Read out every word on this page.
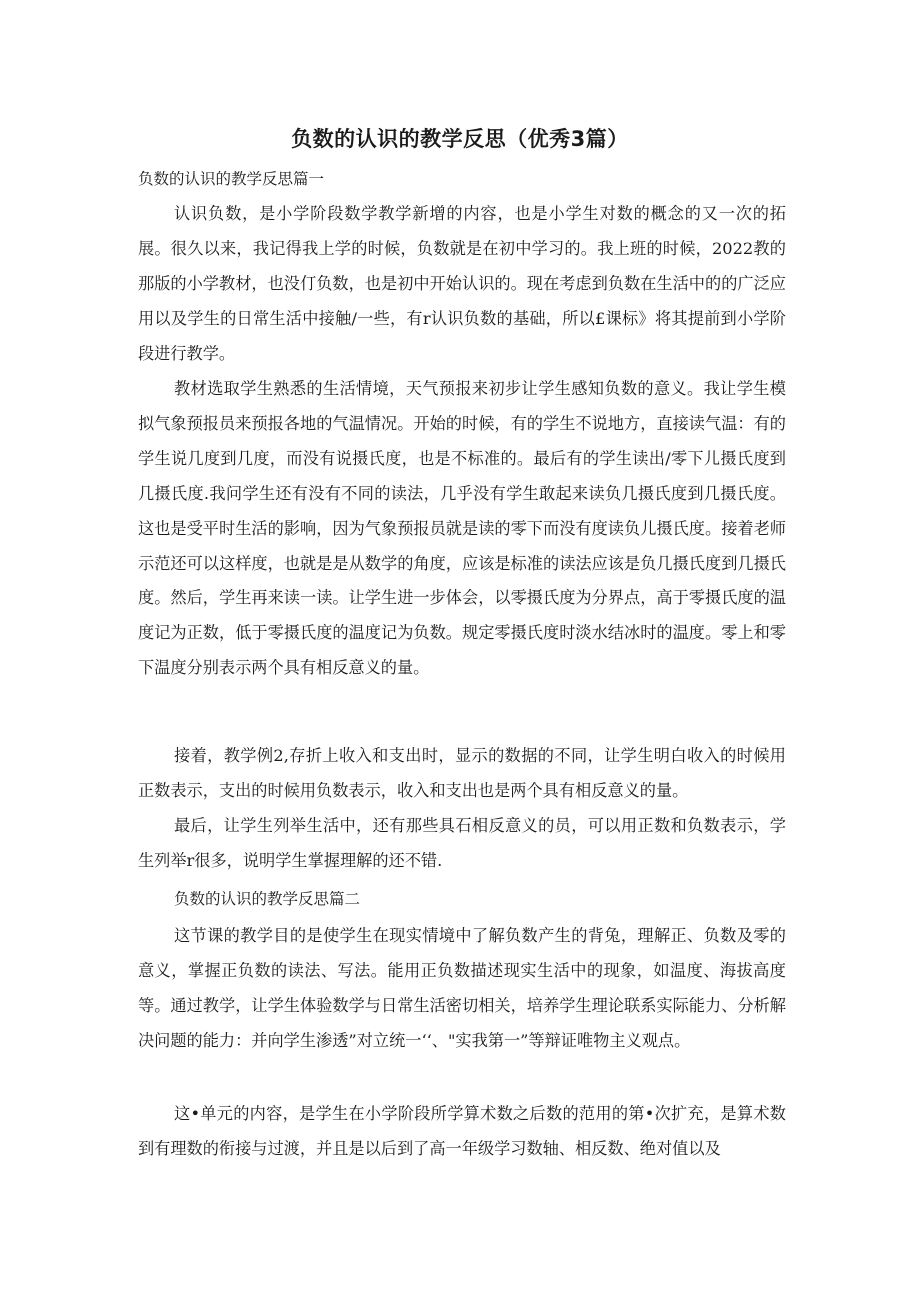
负数的认识的教学反思（优秀3篇）

负数的认识的教学反思篇一

认识负数，是小学阶段数学教学新增的内容，也是小学生对数的概念的又一次的拓展。很久以来，我记得我上学的时候，负数就是在初中学习的。我上班的时候，2022教的那版的小学教材，也没仃负数，也是初中开始认识的。现在考虑到负数在生活中的的广泛应用以及学生的日常生活中接触/一些，有r认识负数的基础，所以£课标》将其提前到小学阶段进行教学。

教材选取学生熟悉的生活情境，天气预报来初步让学生感知负数的意义。我让学生模拟气象预报员来预报各地的气温情况。开始的时候，有的学生不说地方，直接读气温：有的学生说几度到几度，而没有说摄氏度，也是不标准的。最后有的学生读出/零下儿摄氏度到几摄氏度.我问学生还有没有不同的读法，几乎没有学生敢起来读负几摄氏度到几摄氏度。这也是受平时生活的影响，因为气象预报员就是读的零下而没有度读负儿摄氏度。接着老师示范还可以这样度，也就是是从数学的角度，应该是标准的读法应该是负几摄氏度到几摄氏度。然后，学生再来读一读。让学生进一步体会，以零摄氏度为分界点，高于零摄氏度的温度记为正数，低于零摄氏度的温度记为负数。规定零摄氏度时淡水结冰时的温度。零上和零下温度分别表示两个具有相反意义的量。

接着，教学例2,存折上收入和支出时，显示的数据的不同，让学生明白收入的时候用正数表示，支出的时候用负数表示，收入和支出也是两个具有相反意义的量。

最后，让学生列举生活中，还有那些具石相反意义的员，可以用正数和负数表示，学生列举r很多，说明学生掌握理解的还不错.

负数的认识的教学反思篇二

这节课的教学目的是使学生在现实情境中了解负数产生的背兔，理解正、负数及零的意义，掌握正负数的读法、写法。能用正负数描述现实生活中的现象，如温度、海拔高度等。通过教学，让学生体验数学与日常生活密切相关，培养学生理论联系实际能力、分析解决问题的能力：并向学生渗透”对立统一‘‘、"实我第一”等辩证唯物主义观点。

这•单元的内容，是学生在小学阶段所学算术数之后数的范用的第•次扩充，是算术数到有理数的衔接与过渡，并且是以后到了高一年级学习数轴、相反数、绝对值以及
